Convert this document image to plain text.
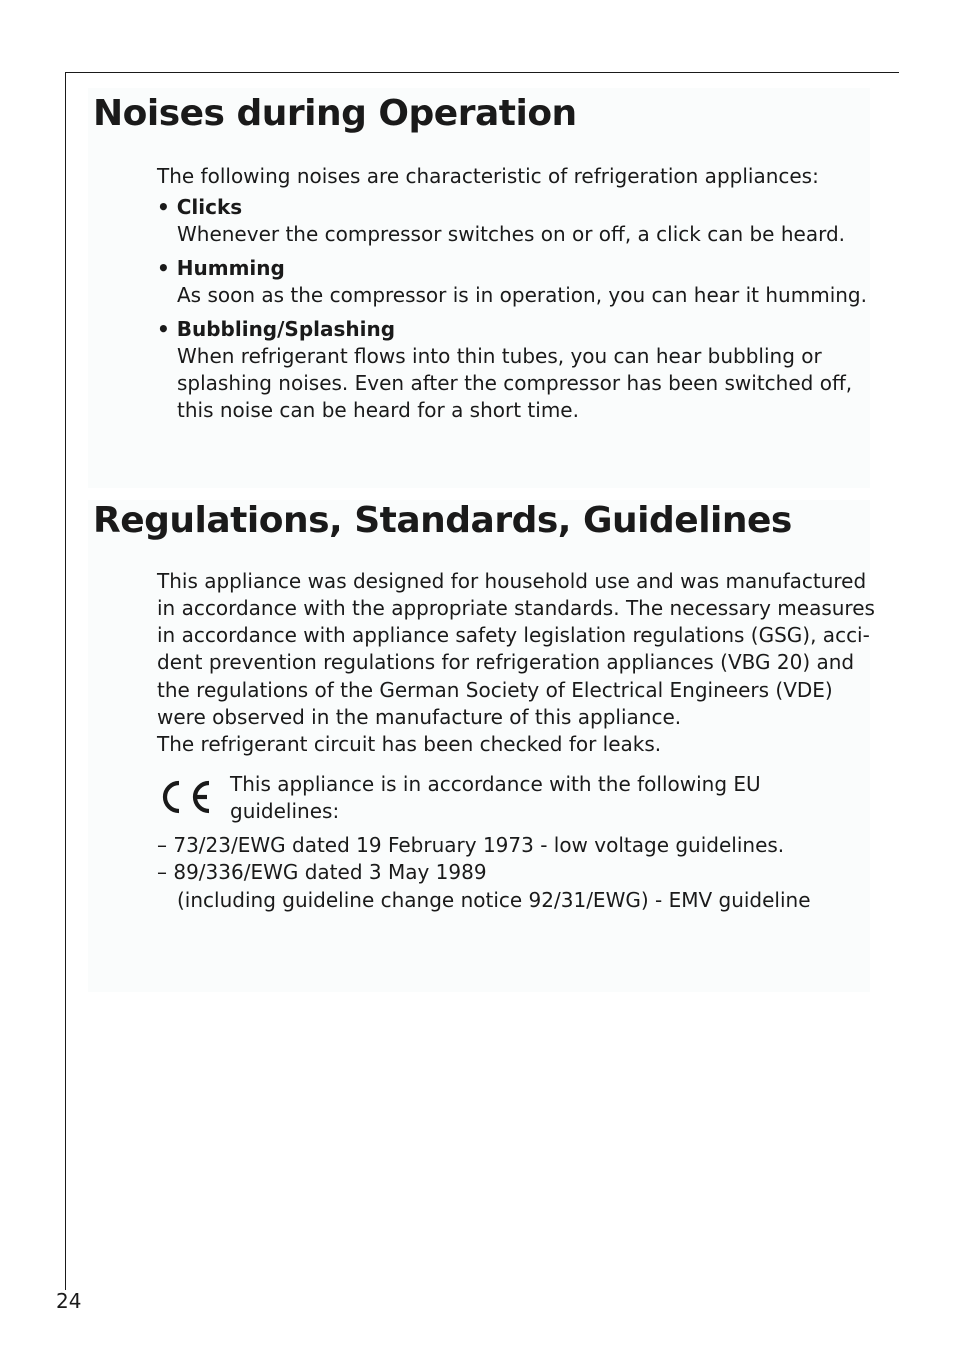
Noises during Operation

The following noises are characteristic of refrigeration appliances:

• Clicks

Whenever the compressor switches on or off, a click can be heard.

• Humming

As soon as the compressor is in operation, you can hear it humming.

• Bubbling/Splashing

When refrigerant flows into thin tubes, you can hear bubbling or

splashing noises. Even after the compressor has been switched off,

this noise can be heard for a short time.

Regulations, Standards, Guidelines

This appliance was designed for household use and was manufactured

in accordance with the appropriate standards. The necessary measures

in accordance with appliance safety legislation regulations (GSG), acci-

dent prevention regulations for refrigeration appliances (VBG 20) and

the regulations of the German Society of Electrical Engineers (VDE)

were observed in the manufacture of this appliance.

The refrigerant circuit has been checked for leaks.

This appliance is in accordance with the following EU

guidelines:

– 73/23/EWG dated 19 February 1973 - low voltage guidelines.

– 89/336/EWG dated 3 May 1989

(including guideline change notice 92/31/EWG) - EMV guideline

24
